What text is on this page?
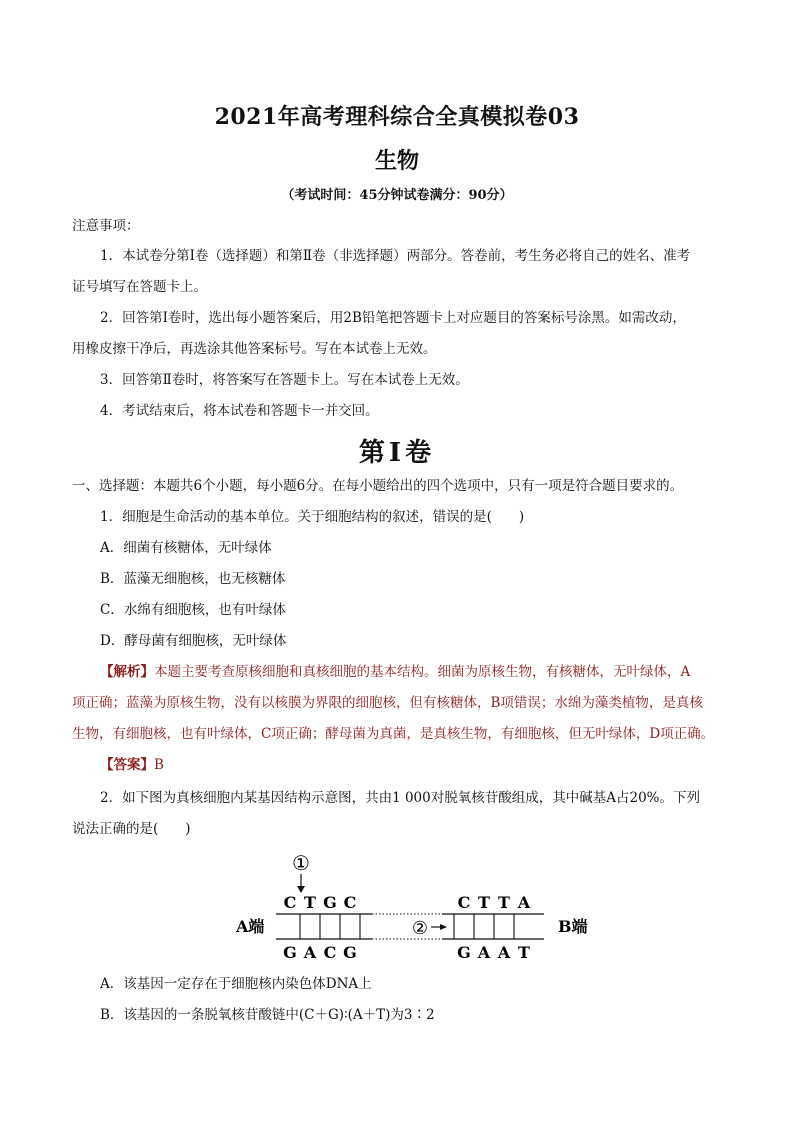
2021年高考理科综合全真模拟卷03
生物
（考试时间：45分钟试卷满分：90分）
注意事项：
1．本试卷分第Ⅰ卷（选择题）和第Ⅱ卷（非选择题）两部分。答卷前，考生务必将自己的姓名、准考
证号填写在答题卡上。
2．回答第Ⅰ卷时，选出每小题答案后，用2B铅笔把答题卡上对应题目的答案标号涂黑。如需改动，
用橡皮擦干净后，再选涂其他答案标号。写在本试卷上无效。
3．回答第Ⅱ卷时，将答案写在答题卡上。写在本试卷上无效。
4．考试结束后，将本试卷和答题卡一并交回。
第Ⅰ卷
一、选择题：本题共6个小题，每小题6分。在每小题给出的四个选项中，只有一项是符合题目要求的。
1．细胞是生命活动的基本单位。关于细胞结构的叙述，错误的是(　　)
A．细菌有核糖体，无叶绿体
B．蓝藻无细胞核，也无核糖体
C．水绵有细胞核，也有叶绿体
D．酵母菌有细胞核，无叶绿体
【解析】本题主要考查原核细胞和真核细胞的基本结构。细菌为原核生物，有核糖体，无叶绿体，A
项正确；蓝藻为原核生物，没有以核膜为界限的细胞核，但有核糖体，B项错误；水绵为藻类植物，是真核
生物，有细胞核，也有叶绿体，C项正确；酵母菌为真菌，是真核生物，有细胞核，但无叶绿体，D项正确。
【答案】B
2．如下图为真核细胞内某基因结构示意图，共由1 000对脱氧核苷酸组成，其中碱基A占20%。下列
说法正确的是(　　)
①
C T G C	C T T A
A端	B端
②
G A C G	G A A T
A．该基因一定存在于细胞核内染色体DNA上
B．该基因的一条脱氧核苷酸链中(C＋G)∶(A＋T)为3∶2
